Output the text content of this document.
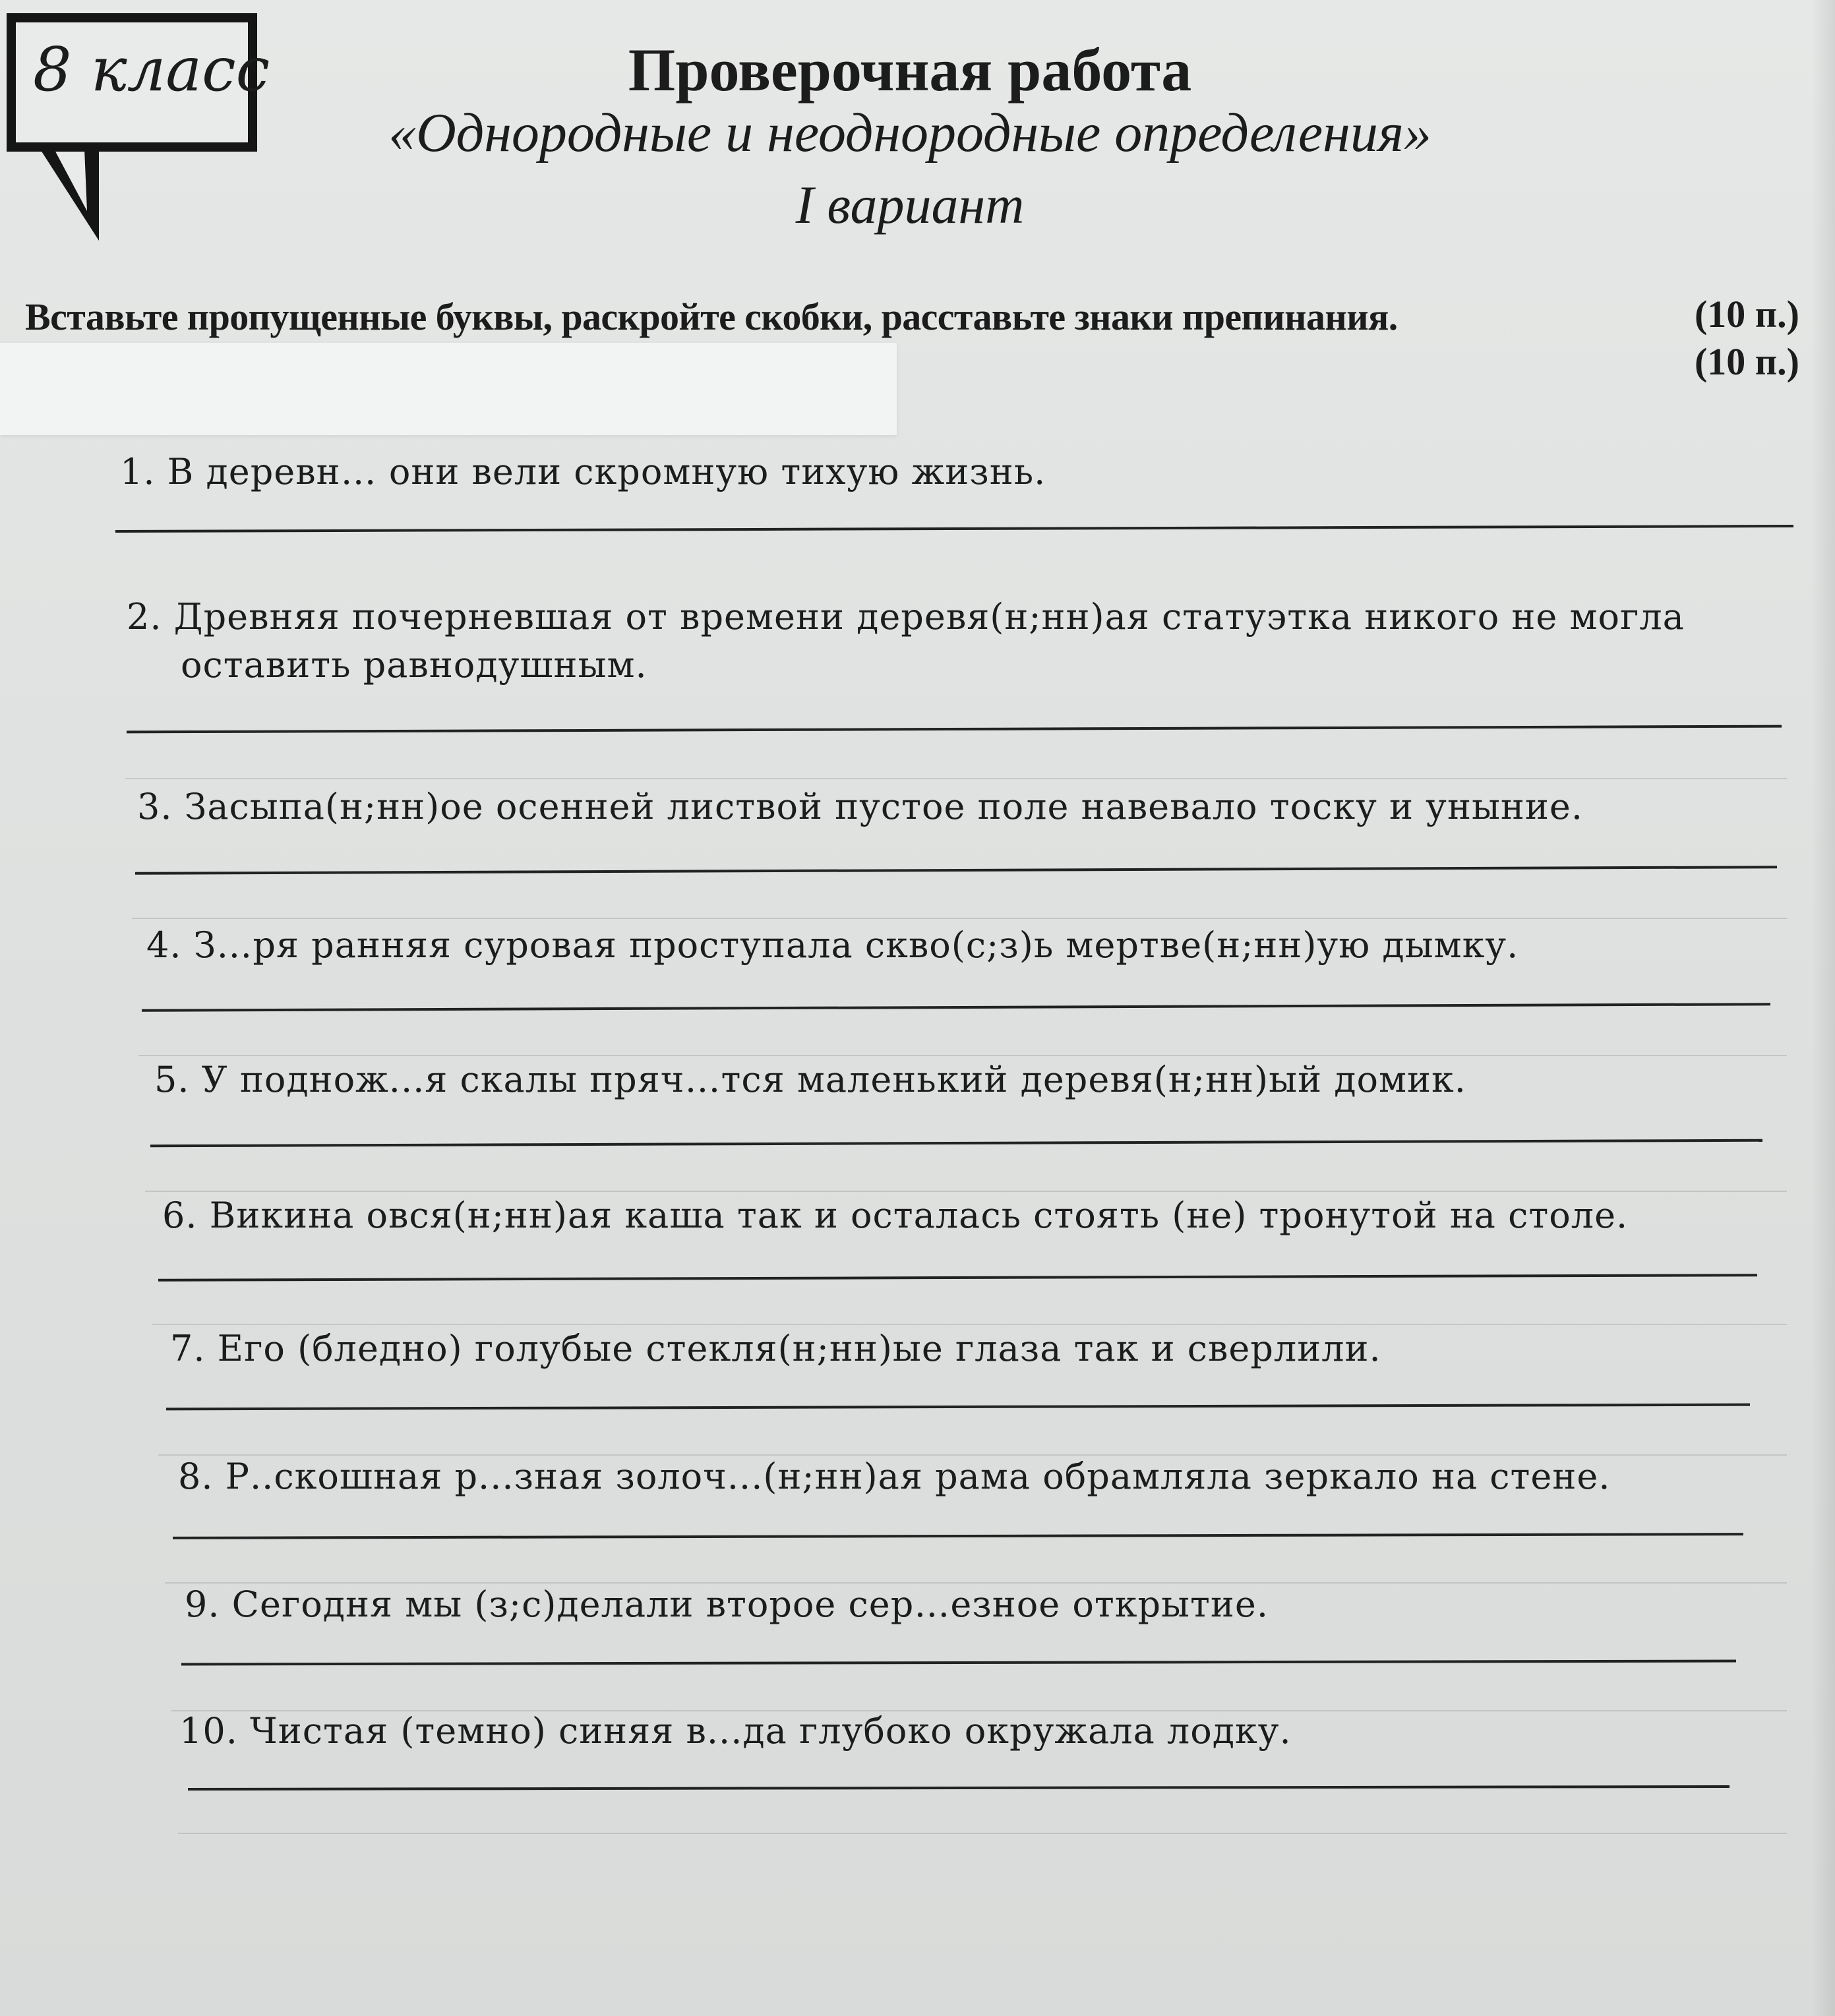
8 класс	Проверочная работа
«Однородные и неоднородные определения»
I вариант
Вставьте пропущенные буквы, раскройте скобки, расставьте знаки препинания.	(10 п.)
(10 п.)
1. В деревн… они вели скромную тихую жизнь.
2. Древняя почерневшая от времени деревя(н;нн)ая статуэтка никого не могла
оставить равнодушным.
3. Засыпа(н;нн)ое осенней листвой пустое поле навевало тоску и уныние.
4. З…ря ранняя суровая проступала скво(с;з)ь мертве(н;нн)ую дымку.
5. У поднож...я скалы пряч…тся маленький деревя(н;нн)ый домик.
6. Викина овся(н;нн)ая каша так и осталась стоять (не) тронутой на столе.
7. Его (бледно) голубые стекля(н;нн)ые глаза так и сверлили.
8. Р..скошная р...зная золоч...(н;нн)ая рама обрамляла зеркало на стене.
9. Сегодня мы (з;с)делали второе сер…езное открытие.
10. Чистая (темно) синяя в...да глубоко окружала лодку.
